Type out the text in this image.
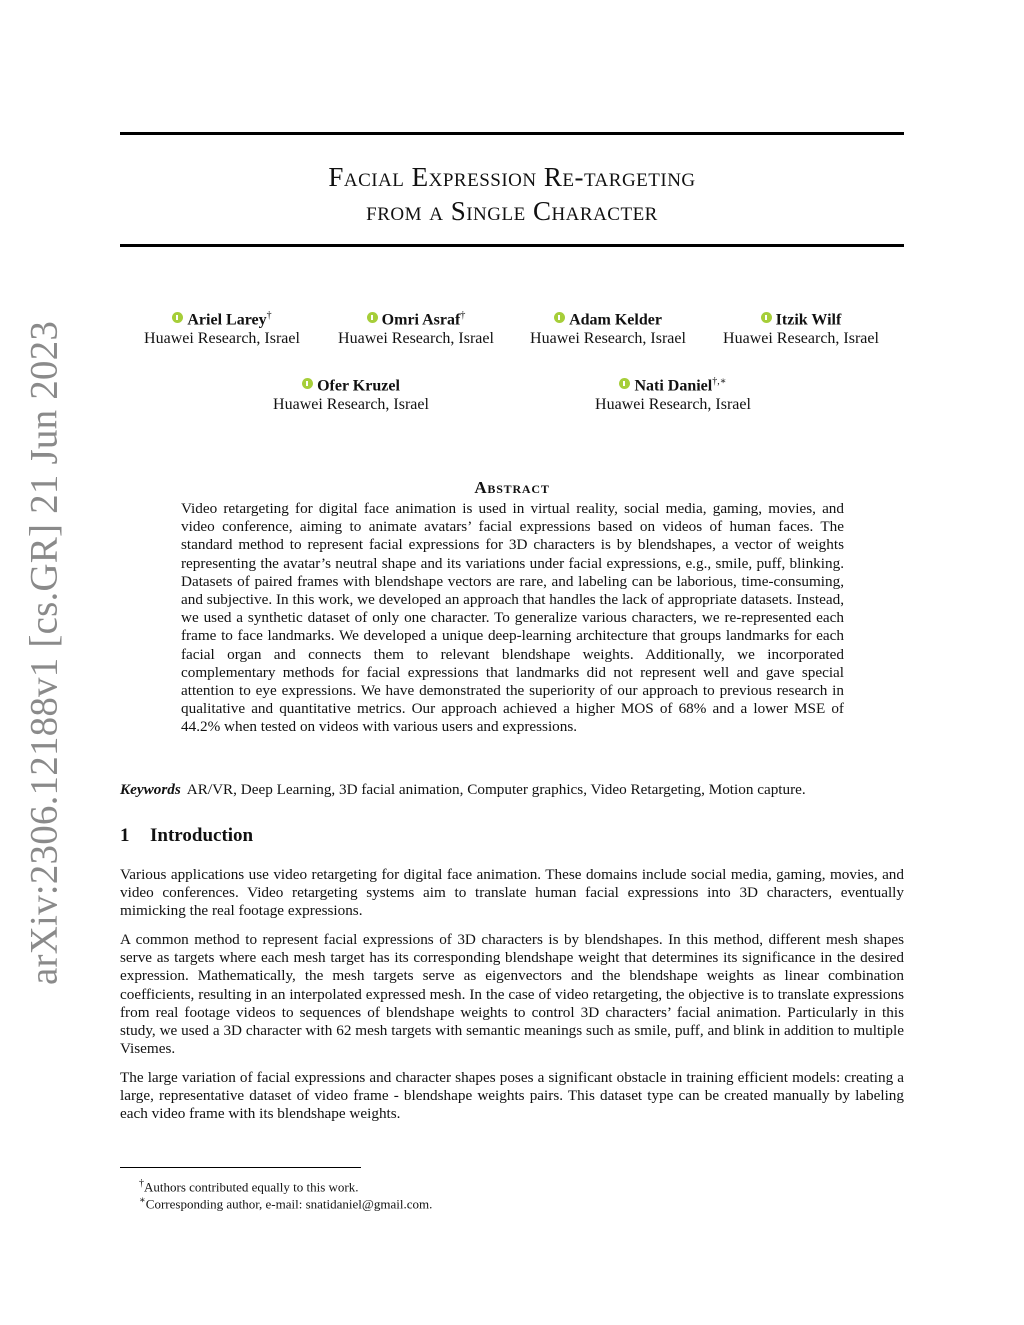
arXiv:2306.12188v1 [cs.GR] 21 Jun 2023
Facial Expression Re-targeting
from a Single Character
Ariel Larey†
Huawei Research, Israel
Omri Asraf†
Huawei Research, Israel
Adam Kelder
Huawei Research, Israel
Itzik Wilf
Huawei Research, Israel
Ofer Kruzel
Huawei Research, Israel
Nati Daniel†,∗
Huawei Research, Israel
Abstract
Video retargeting for digital face animation is used in virtual reality, social media, gaming, movies, and video conference, aiming to animate avatars’ facial expressions based on videos of human faces. The standard method to represent facial expressions for 3D characters is by blendshapes, a vector of weights representing the avatar’s neutral shape and its variations under facial expressions, e.g., smile, puff, blinking. Datasets of paired frames with blendshape vectors are rare, and labeling can be laborious, time-consuming, and subjective. In this work, we developed an approach that handles the lack of appropriate datasets. Instead, we used a synthetic dataset of only one character. To generalize various characters, we re-represented each frame to face landmarks. We developed a unique deep-learning architecture that groups landmarks for each facial organ and connects them to relevant blendshape weights. Additionally, we incorporated complementary methods for facial expressions that landmarks did not represent well and gave special attention to eye expressions. We have demonstrated the superiority of our approach to previous research in qualitative and quantitative metrics. Our approach achieved a higher MOS of 68% and a lower MSE of 44.2% when tested on videos with various users and expressions.
Keywords AR/VR, Deep Learning, 3D facial animation, Computer graphics, Video Retargeting, Motion capture.
1 Introduction

Various applications use video retargeting for digital face animation. These domains include social media, gaming, movies, and video conferences. Video retargeting systems aim to translate human facial expressions into 3D characters, eventually mimicking the real footage expressions.

A common method to represent facial expressions of 3D characters is by blendshapes. In this method, different mesh shapes serve as targets where each mesh target has its corresponding blendshape weight that determines its significance in the desired expression. Mathematically, the mesh targets serve as eigenvectors and the blendshape weights as linear combination coefficients, resulting in an interpolated expressed mesh. In the case of video retargeting, the objective is to translate expressions from real footage videos to sequences of blendshape weights to control 3D characters’ facial animation. Particularly in this study, we used a 3D character with 62 mesh targets with semantic meanings such as smile, puff, and blink in addition to multiple Visemes.

The large variation of facial expressions and character shapes poses a significant obstacle in training efficient models: creating a large, representative dataset of video frame - blendshape weights pairs. This dataset type can be created manually by labeling each video frame with its blendshape weights.

†Authors contributed equally to this work.
∗Corresponding author, e-mail: snatidaniel@gmail.com.
